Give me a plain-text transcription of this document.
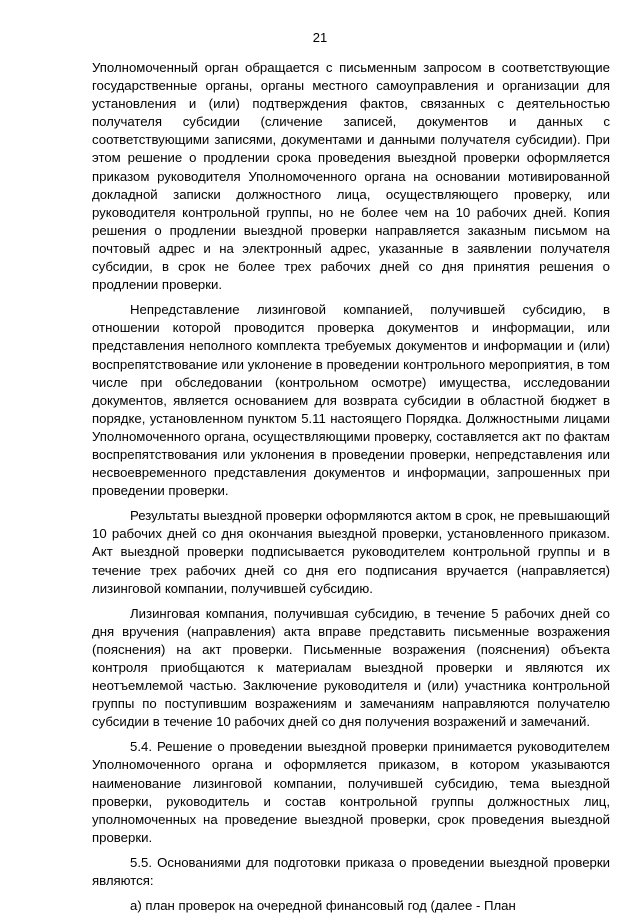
21

Уполномоченный орган обращается с письменным запросом в соответствующие государственные органы, органы местного самоуправления и организации для установления и (или) подтверждения фактов, связанных с деятельностью получателя субсидии (сличение записей, документов и данных с соответствующими записями, документами и данными получателя субсидии). При этом решение о продлении срока проведения выездной проверки оформляется приказом руководителя Уполномоченного органа на основании мотивированной докладной записки должностного лица, осуществляющего проверку, или руководителя контрольной группы, но не более чем на 10 рабочих дней. Копия решения о продлении выездной проверки направляется заказным письмом на почтовый адрес и на электронный адрес, указанные в заявлении получателя субсидии, в срок не более трех рабочих дней со дня принятия решения о продлении проверки.

Непредставление лизинговой компанией, получившей субсидию, в отношении которой проводится проверка документов и информации, или представления неполного комплекта требуемых документов и информации и (или) воспрепятствование или уклонение в проведении контрольного мероприятия, в том числе при обследовании (контрольном осмотре) имущества, исследовании документов, является основанием для возврата субсидии в областной бюджет в порядке, установленном пунктом 5.11 настоящего Порядка. Должностными лицами Уполномоченного органа, осуществляющими проверку, составляется акт по фактам воспрепятствования или уклонения в проведении проверки, непредставления или несвоевременного представления документов и информации, запрошенных при проведении проверки.

Результаты выездной проверки оформляются актом в срок, не превышающий 10 рабочих дней со дня окончания выездной проверки, установленного приказом. Акт выездной проверки подписывается руководителем контрольной группы и в течение трех рабочих дней со дня его подписания вручается (направляется) лизинговой компании, получившей субсидию.

Лизинговая компания, получившая субсидию, в течение 5 рабочих дней со дня вручения (направления) акта вправе представить письменные возражения (пояснения) на акт проверки. Письменные возражения (пояснения) объекта контроля приобщаются к материалам выездной проверки и являются их неотъемлемой частью. Заключение руководителя и (или) участника контрольной группы по поступившим возражениям и замечаниям направляются получателю субсидии в течение 10 рабочих дней со дня получения возражений и замечаний.

5.4. Решение о проведении выездной проверки принимается руководителем Уполномоченного органа и оформляется приказом, в котором указываются наименование лизинговой компании, получившей субсидию, тема выездной проверки, руководитель и состав контрольной группы должностных лиц, уполномоченных на проведение выездной проверки, срок проведения выездной проверки.

5.5. Основаниями для подготовки приказа о проведении выездной проверки являются:

а) план проверок на очередной финансовый год (далее - План
